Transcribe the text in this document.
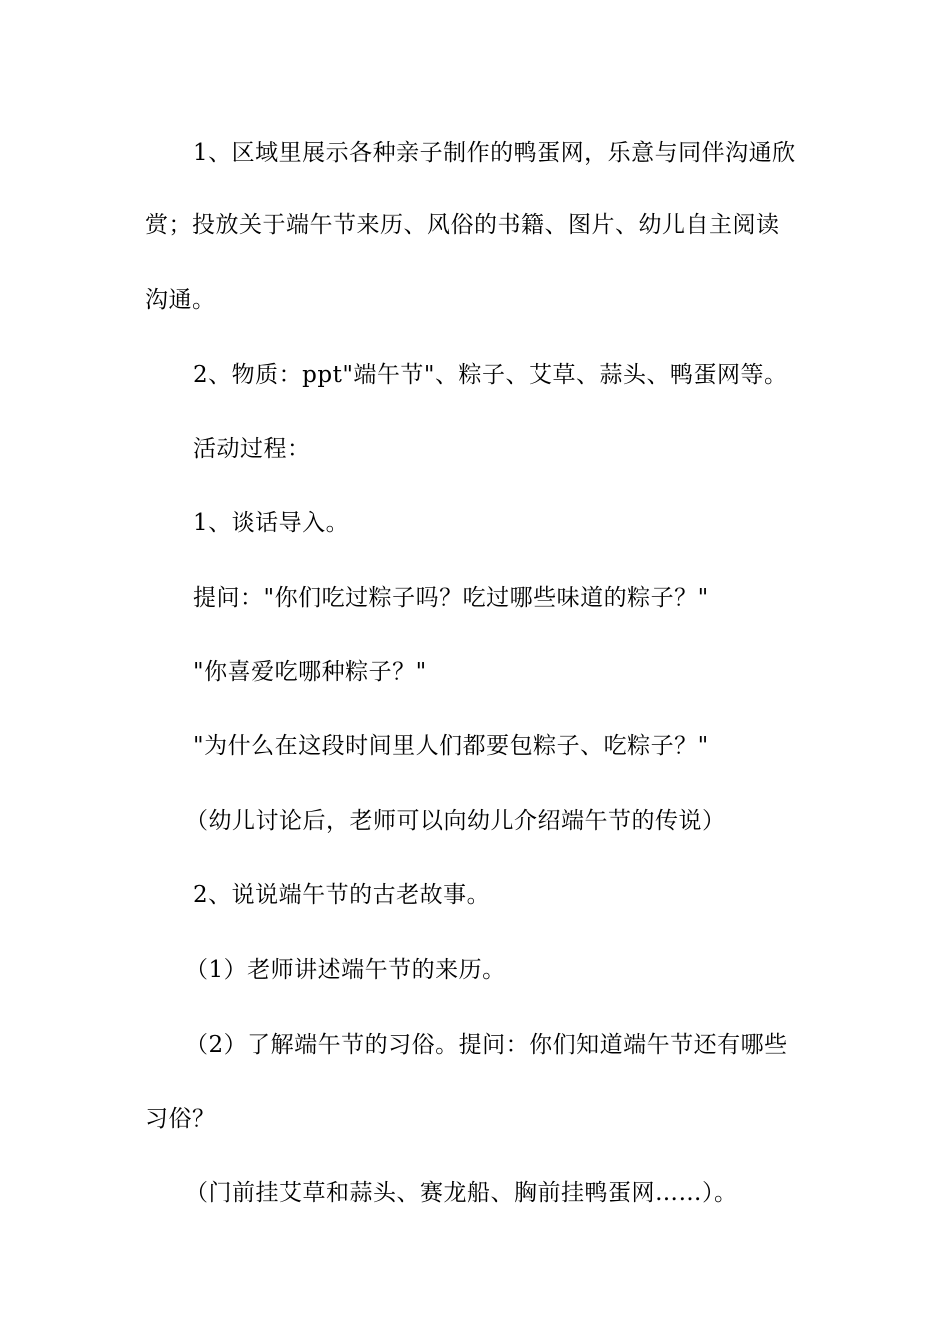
1、区域里展示各种亲子制作的鸭蛋网，乐意与同伴沟通欣
赏；投放关于端午节来历、风俗的书籍、图片、幼儿自主阅读
沟通。
2、物质：ppt"端午节"、粽子、艾草、蒜头、鸭蛋网等。
活动过程：
1、谈话导入。
提问："你们吃过粽子吗？吃过哪些味道的粽子？"
"你喜爱吃哪种粽子？"
"为什么在这段时间里人们都要包粽子、吃粽子？"
（幼儿讨论后，老师可以向幼儿介绍端午节的传说）
2、说说端午节的古老故事。
（1）老师讲述端午节的来历。
（2）了解端午节的习俗。提问：你们知道端午节还有哪些
习俗？
（门前挂艾草和蒜头、赛龙船、胸前挂鸭蛋网……）。
